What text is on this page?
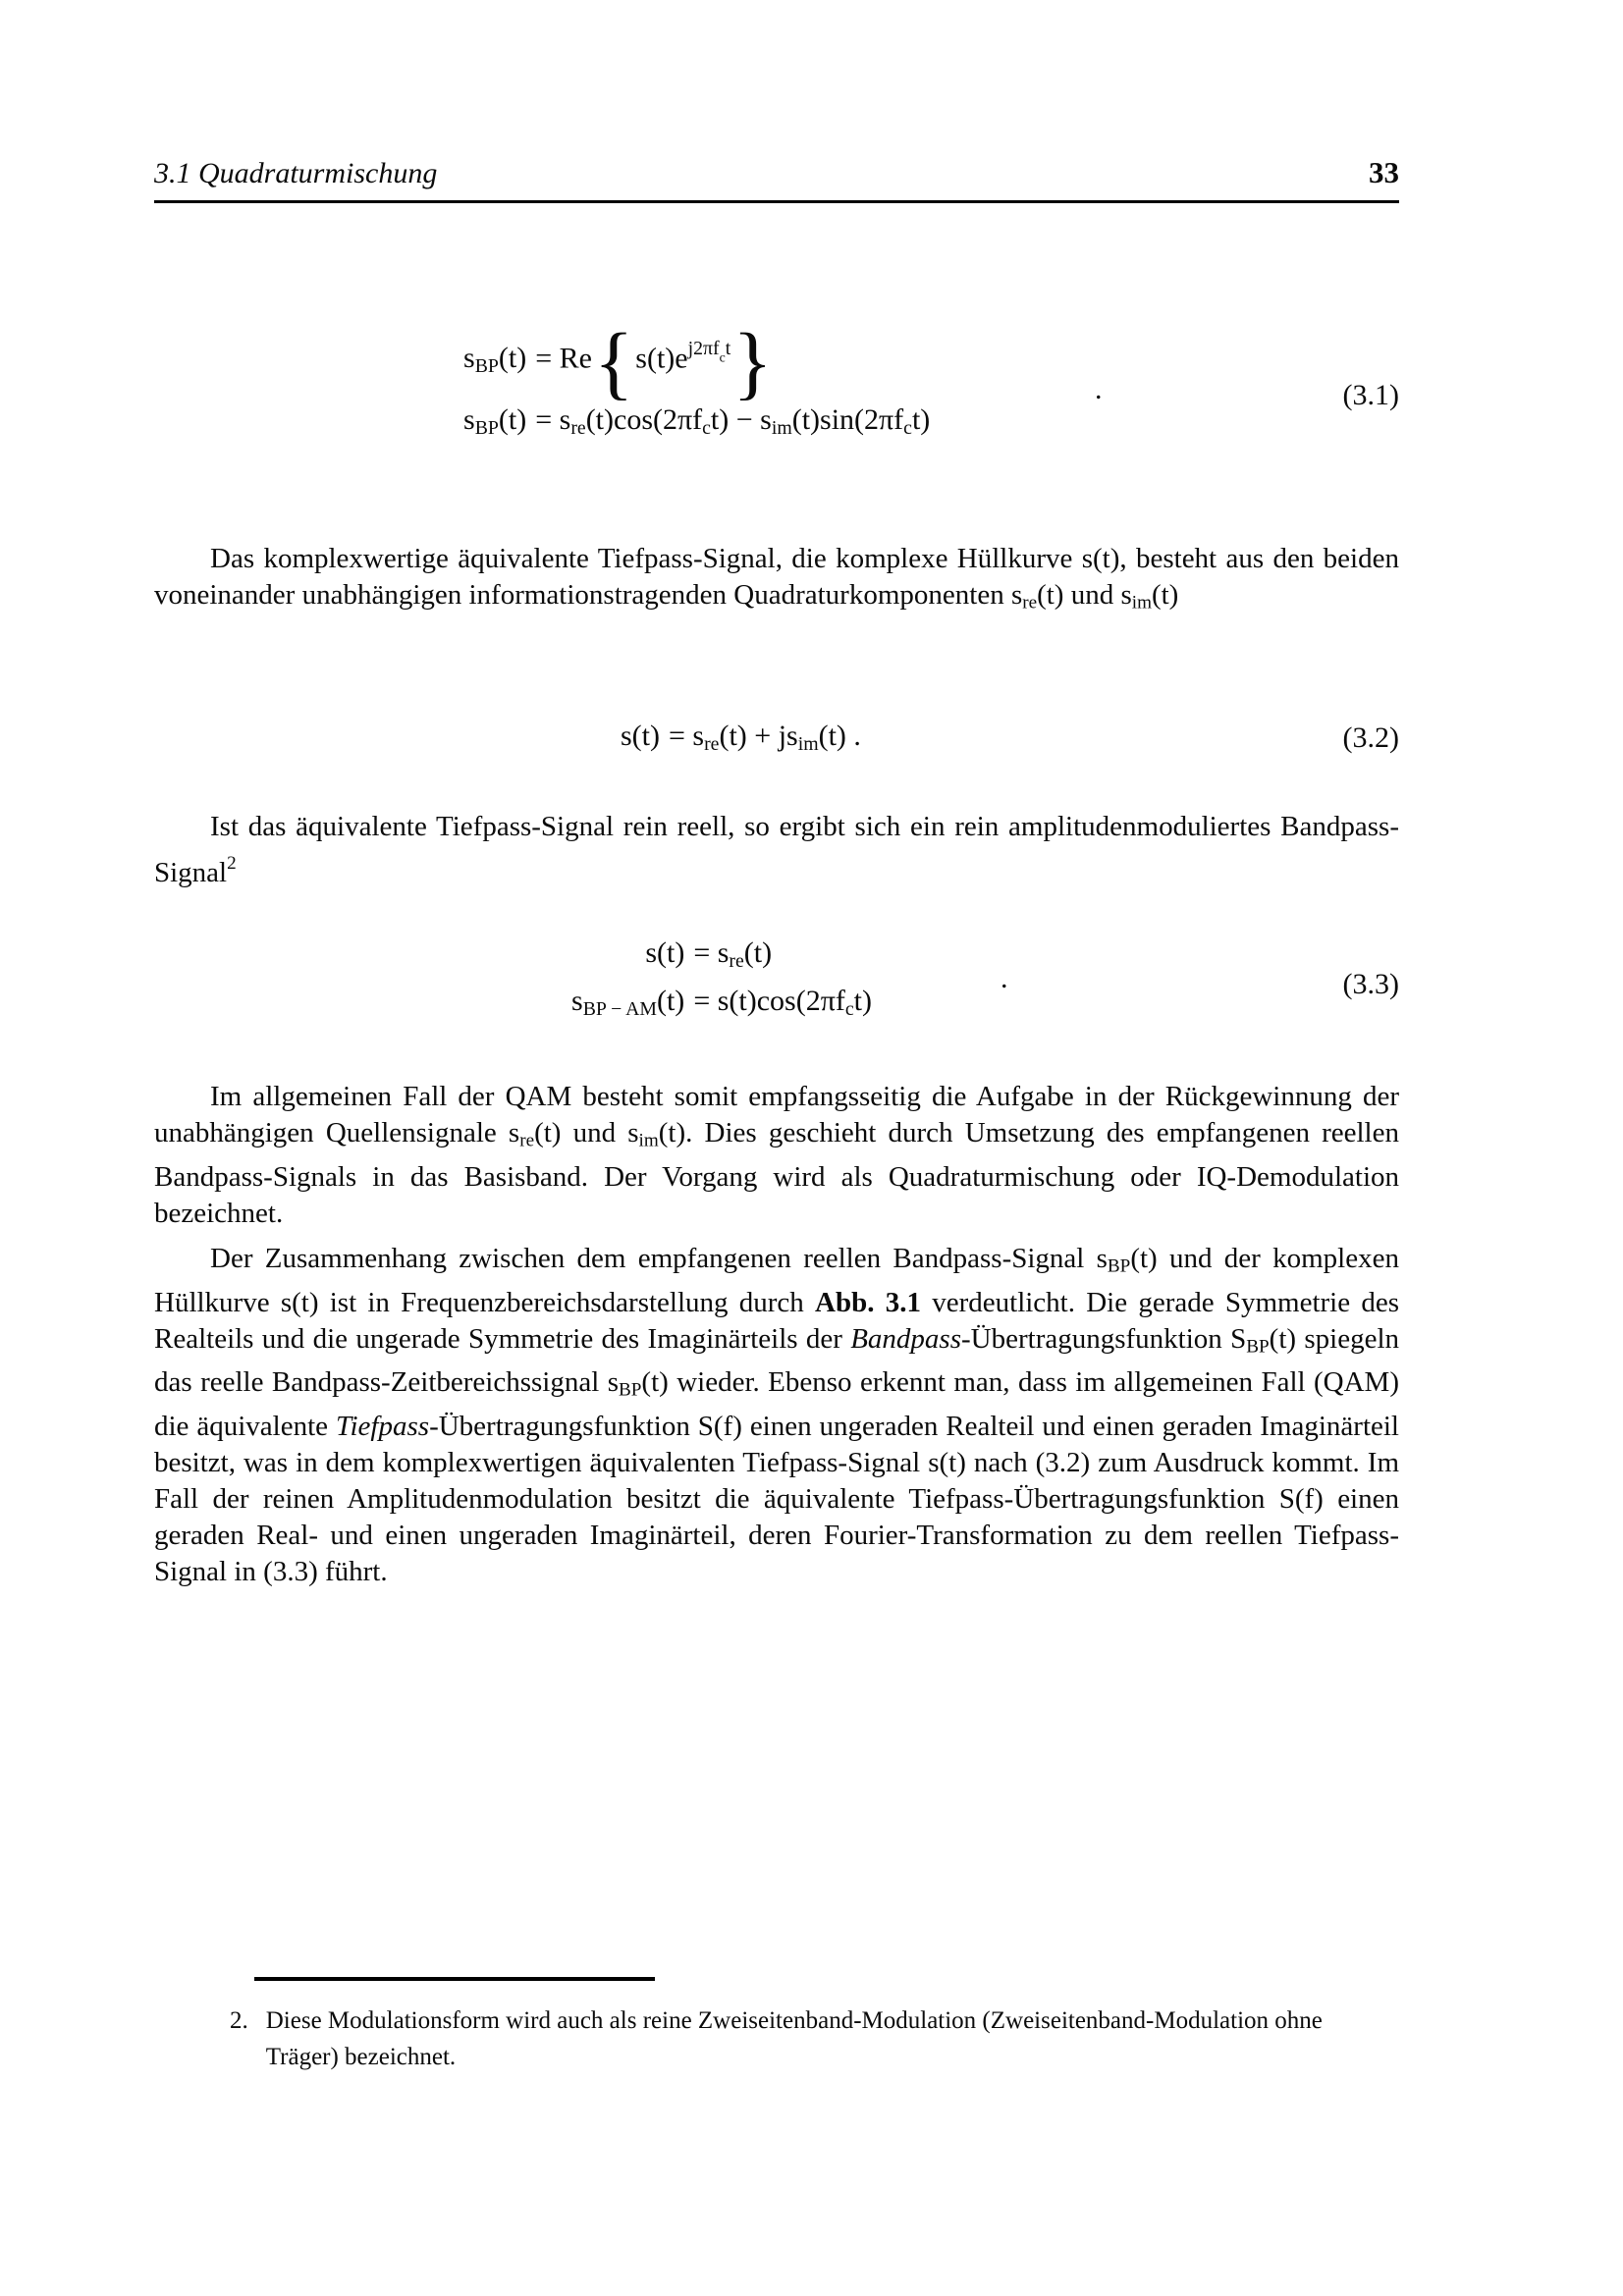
3.1 Quadraturmischung	33
sBP(t)	= $Re\{s(t)e^{j2\pi f}c^t\}$
sBP(t)	= sre(t)cos(2πfct) − sim(t)sin(2πfct)
.	(3.1)

Das komplexwertige äquivalente Tiefpass-Signal, die komplexe Hüllkurve s(t), besteht aus den beiden voneinander unabhängigen informationstragenden Quadraturkomponenten sre(t) und sim(t)

s(t)	= sre(t) + jsim(t) .	(3.2)

Ist das äquivalente Tiefpass-Signal rein reell, so ergibt sich ein rein amplitudenmoduliertes Bandpass-Signal$^2$

s(t)	= sre(t)
sBP − AM(t)	= s(t)cos(2πfct)
.	(3.3)

Im allgemeinen Fall der QAM besteht somit empfangsseitig die Aufgabe in der Rückgewinnung der unabhängigen Quellensignale sre(t) und sim(t). Dies geschieht durch Umsetzung des empfangenen reellen Bandpass-Signals in das Basisband. Der Vorgang wird als Quadraturmischung oder IQ-Demodulation bezeichnet.

Der Zusammenhang zwischen dem empfangenen reellen Bandpass-Signal sBP(t) und der komplexen Hüllkurve s(t) ist in Frequenzbereichsdarstellung durch Abb. 3.1 verdeutlicht. Die gerade Symmetrie des Realteils und die ungerade Symmetrie des Imaginärteils der Bandpass-Übertragungsfunktion SBP(t) spiegeln das reelle Bandpass-Zeitbereichssignal sBP(t) wieder. Ebenso erkennt man, dass im allgemeinen Fall (QAM) die äquivalente Tiefpass-Übertragungsfunktion S(f) einen ungeraden Realteil und einen geraden Imaginärteil besitzt, was in dem komplexwertigen äquivalenten Tiefpass-Signal s(t) nach (3.2) zum Ausdruck kommt. Im Fall der reinen Amplitudenmodulation besitzt die äquivalente Tiefpass-Übertragungsfunktion S(f) einen geraden Real- und einen ungeraden Imaginärteil, deren Fourier-Transformation zu dem reellen Tiefpass-Signal in (3.3) führt.

2. Diese Modulationsform wird auch als reine Zweiseitenband-Modulation (Zweiseitenband-Modulation ohne Träger) bezeichnet.
